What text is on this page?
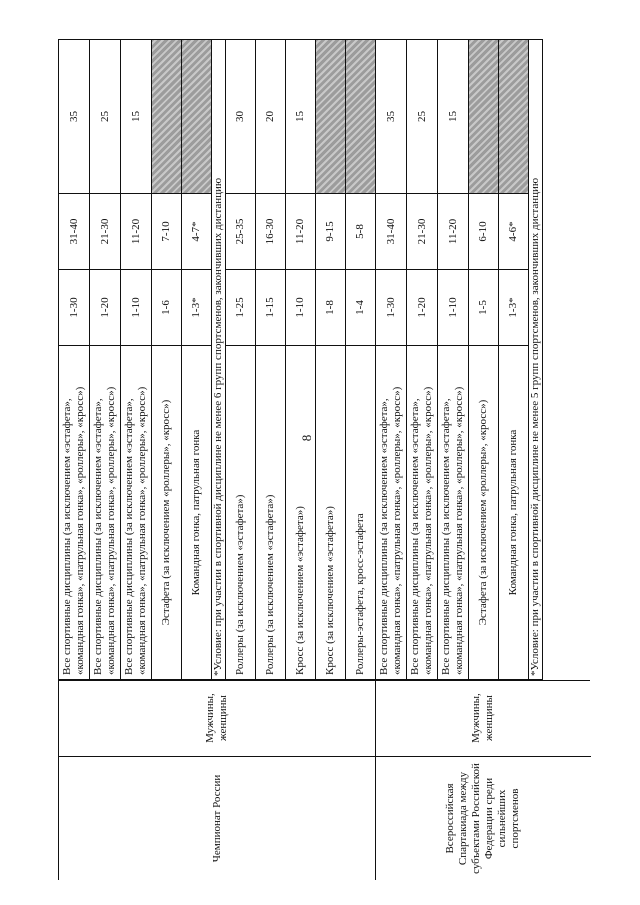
8
Чемпионат России
Мужчины, женщины
Всероссийская Спартакиада между субъектами Российской Федерации среди сильнейших спортсменов
Мужчины, женщины
Все спортивные дисциплины (за исключением «эстафета», «командная гонка», «патрульная гонка», «роллеры», «кросс»)	1-30	31-40	35
Все спортивные дисциплины (за исключением «эстафета», «командная гонка», «патрульная гонка», «роллеры», «кросс»)	1-20	21-30	25
Все спортивные дисциплины (за исключением «эстафета», «командная гонка», «патрульная гонка», «роллеры», «кросс»)	1-10	11-20	15
Эстафета (за исключением «роллеры», «кросс»)	1-6	7-10	
Командная гонка, патрульная гонка	1-3*	4-7*	
*Условие: при участии в спортивной дисциплине не менее 6 групп спортсменов, закончивших дистанцию			
Роллеры (за исключением «эстафета»)	1-25	25-35	30
Роллеры (за исключением «эстафета»)	1-15	16-30	20
Кросс (за исключением «эстафета»)	1-10	11-20	15
Кросс (за исключением «эстафета»)	1-8	9-15	
Роллеры-эстафета, кросс-эстафета	1-4	5-8	
Все спортивные дисциплины (за исключением «эстафета», «командная гонка», «патрульная гонка», «роллеры», «кросс»)	1-30	31-40	35
Все спортивные дисциплины (за исключением «эстафета», «командная гонка», «патрульная гонка», «роллеры», «кросс»)	1-20	21-30	25
Все спортивные дисциплины (за исключением «эстафета», «командная гонка», «патрульная гонка», «роллеры», «кросс»)	1-10	11-20	15
Эстафета (за исключением «роллеры», «кросс»)	1-5	6-10	
Командная гонка, патрульная гонка	1-3*	4-6*	
*Условие: при участии в спортивной дисциплине не менее 5 групп спортсменов, закончивших дистанцию			
